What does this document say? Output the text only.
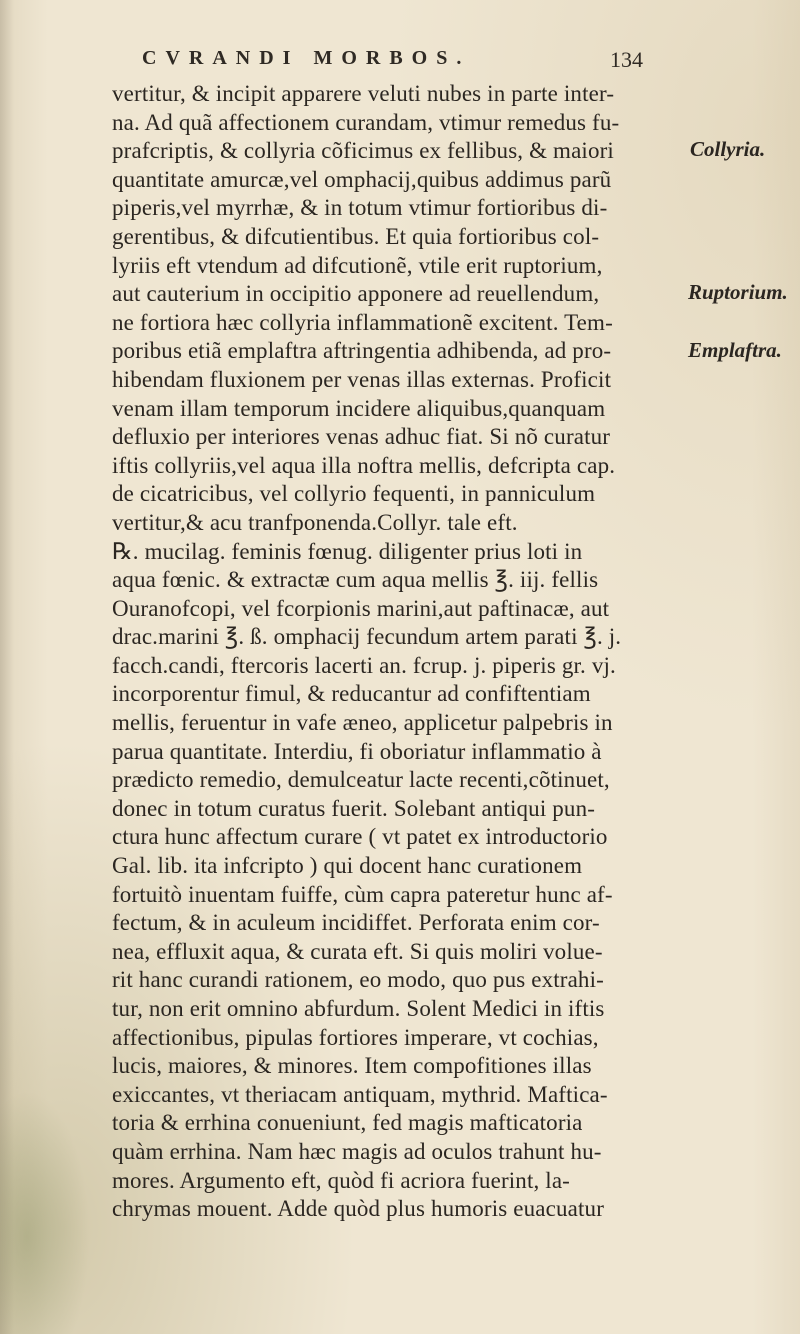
CVRANDI MORBOS.	134
vertitur, & incipit apparere veluti nubes in parte inter-
na. Ad quã affectionem curandam, vtimur remedus fu-
prafcriptis, & collyria cõficimus ex fellibus, & maiori
quantitate amurcæ,vel omphacij,quibus addimus parũ
piperis,vel myrrhæ, & in totum vtimur fortioribus di-
gerentibus, & difcutientibus. Et quia fortioribus col-
lyriis eft vtendum ad difcutionẽ, vtile erit ruptorium,
aut cauterium in occipitio apponere ad reuellendum,
ne fortiora hæc collyria inflammationẽ excitent. Tem-
poribus etiã emplaftra aftringentia adhibenda, ad pro-
hibendam fluxionem per venas illas externas. Proficit
venam illam temporum incidere aliquibus,quanquam
defluxio per interiores venas adhuc fiat. Si nõ curatur
iftis collyriis,vel aqua illa noftra mellis, defcripta cap.
de cicatricibus, vel collyrio fequenti, in panniculum
vertitur,& acu tranfponenda.Collyr. tale eft.
℞. mucilag. feminis fœnug. diligenter prius loti in
aqua fœnic. & extractæ cum aqua mellis ℥. iij. fellis
Ouranofcopi, vel fcorpionis marini,aut paftinacæ, aut
drac.marini ℥. ß. omphacij fecundum artem parati ℥. j.
facch.candi, ftercoris lacerti an. fcrup. j. piperis gr. vj.
incorporentur fimul, & reducantur ad confiftentiam
mellis, feruentur in vafe æneo, applicetur palpebris in
parua quantitate. Interdiu, fi oboriatur inflammatio à
prædicto remedio, demulceatur lacte recenti,cõtinuet,
donec in totum curatus fuerit. Solebant antiqui pun-
ctura hunc affectum curare ( vt patet ex introductorio
Gal. lib. ita infcripto ) qui docent hanc curationem
fortuitò inuentam fuiffe, cùm capra pateretur hunc af-
fectum, & in aculeum incidiffet. Perforata enim cor-
nea, effluxit aqua, & curata eft. Si quis moliri volue-
rit hanc curandi rationem, eo modo, quo pus extrahi-
tur, non erit omnino abfurdum. Solent Medici in iftis
affectionibus, pipulas fortiores imperare, vt cochias,
lucis, maiores, & minores. Item compofitiones illas
exiccantes, vt theriacam antiquam, mythrid. Maftica-
toria & errhina conueniunt, fed magis mafticatoria
quàm errhina. Nam hæc magis ad oculos trahunt hu-
mores. Argumento eft, quòd fi acriora fuerint, la-
chrymas mouent. Adde quòd plus humoris euacuatur
Collyria.
Ruptorium.
Emplaftra.
